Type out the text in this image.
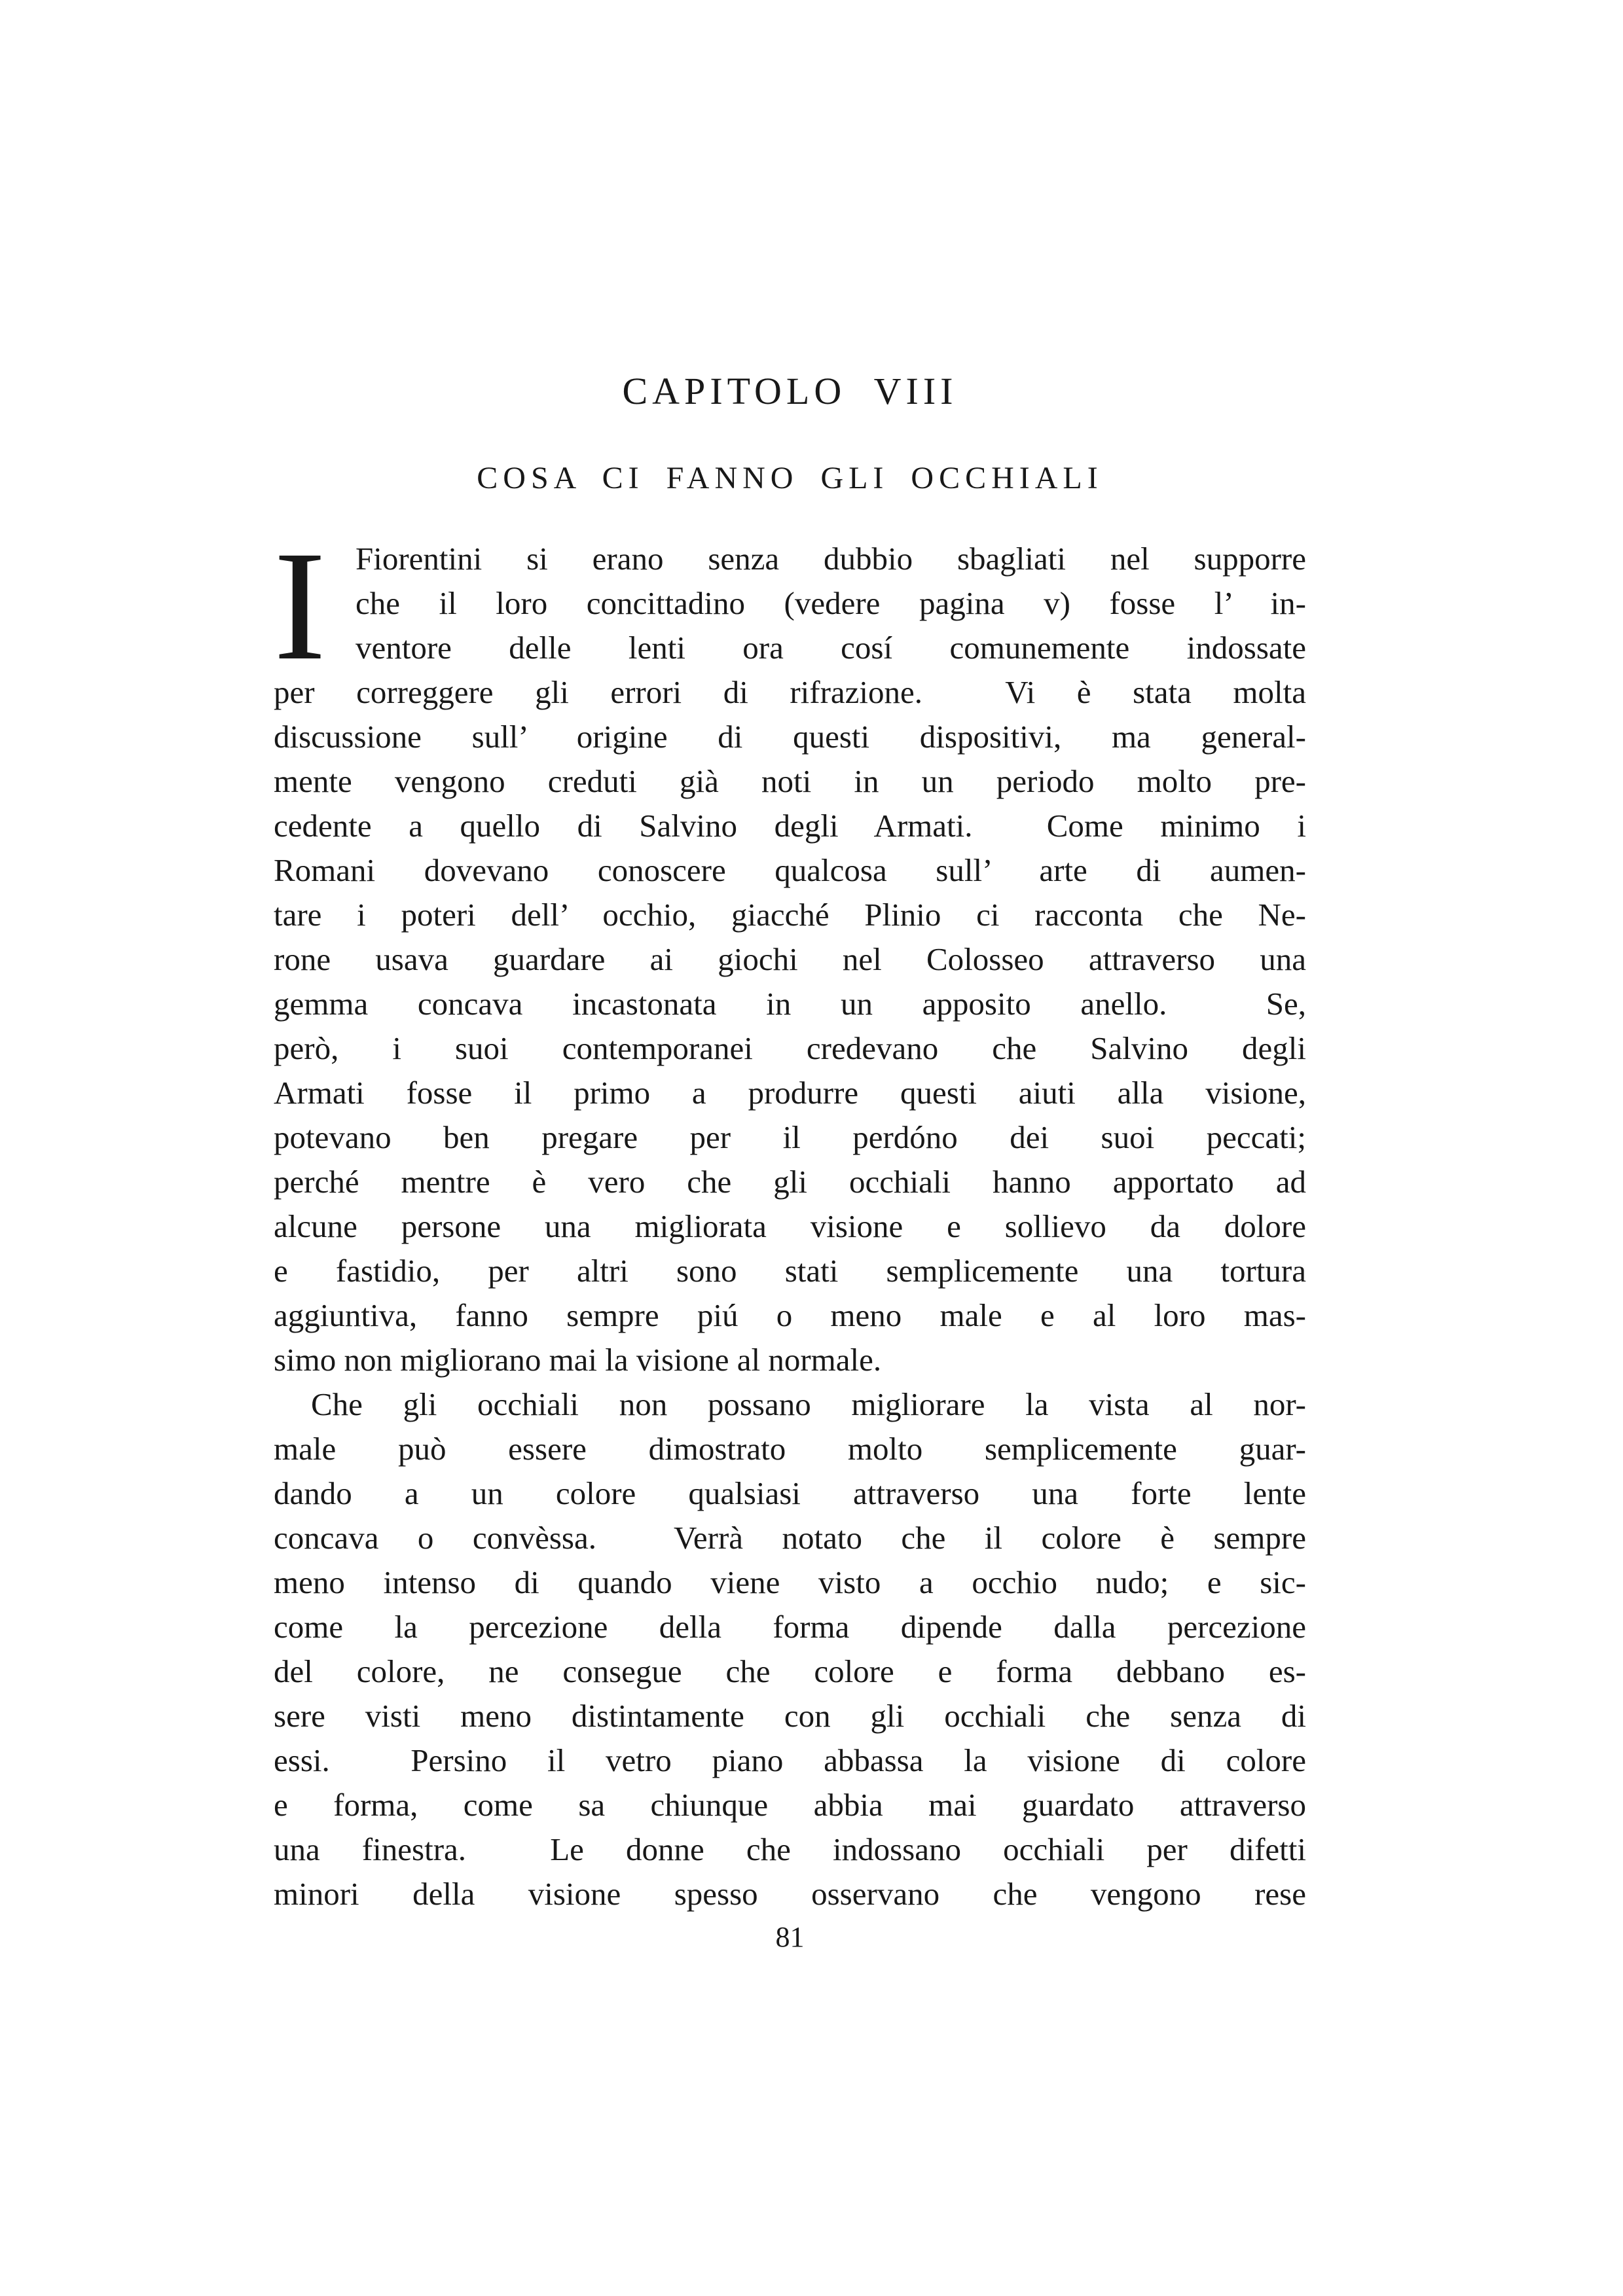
CAPITOLO VIII
COSA CI FANNO GLI OCCHIALI
I Fiorentini si erano senza dubbio sbagliati nel supporre
che il loro concittadino (vedere pagina v) fosse l’ in-
ventore delle lenti ora cosí comunemente indossate
per correggere gli errori di rifrazione.  Vi è stata molta
discussione sull’ origine di questi dispositivi, ma general-
mente vengono creduti già noti in un periodo molto pre-
cedente a quello di Salvino degli Armati.  Come minimo i
Romani dovevano conoscere qualcosa sull’ arte di aumen-
tare i poteri dell’ occhio, giacché Plinio ci racconta che Ne-
rone usava guardare ai giochi nel Colosseo attraverso una
gemma concava incastonata in un apposito anello.  Se,
però, i suoi contemporanei credevano che Salvino degli
Armati fosse il primo a produrre questi aiuti alla visione,
potevano ben pregare per il perdóno dei suoi peccati;
perché mentre è vero che gli occhiali hanno apportato ad
alcune persone una migliorata visione e sollievo da dolore
e fastidio, per altri sono stati semplicemente una tortura
aggiuntiva, fanno sempre piú o meno male e al loro mas-
simo non migliorano mai la visione al normale.
Che gli occhiali non possano migliorare la vista al nor-
male può essere dimostrato molto semplicemente guar-
dando a un colore qualsiasi attraverso una forte lente
concava o convèssa.  Verrà notato che il colore è sempre
meno intenso di quando viene visto a occhio nudo; e sic-
come la percezione della forma dipende dalla percezione
del colore, ne consegue che colore e forma debbano es-
sere visti meno distintamente con gli occhiali che senza di
essi.  Persino il vetro piano abbassa la visione di colore
e forma, come sa chiunque abbia mai guardato attraverso
una finestra.  Le donne che indossano occhiali per difetti
minori della visione spesso osservano che vengono rese
81
